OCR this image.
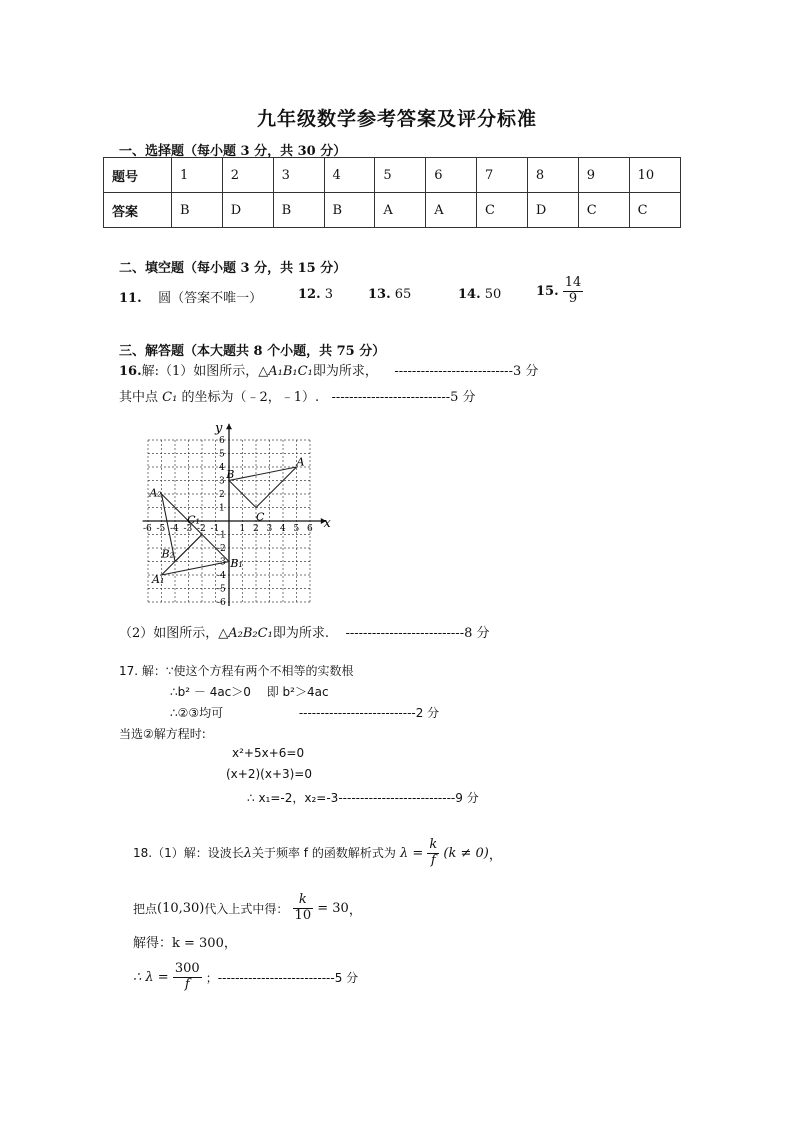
九年级数学参考答案及评分标准
一、选择题（每小题 3 分，共 30 分）
题号	1	2	3	4	5	6	7	8	9	10
答案	B	D	B	B	A	A	C	D	C	C
二、填空题（每小题 3 分，共 15 分）
11. 圆（答案不唯一）	12. 3	13. 65	14. 50	15. $\frac{14}{9}$
三、解答题（本大题共 8 个小题，共 75 分）
16.解:（1）如图所示，△A₁B₁C₁即为所求， ---------------------------3 分
其中点 C₁ 的坐标为（﹣2，﹣1）. ---------------------------5 分
x
y
-6 -5 -4 -3 -2 -1 1 2 3 4 5 6
6
5
4
3
2
1
-1
-2
-3
-4
-5
-6
A
B
C
C₁
A₁
B₁
A₂
B₂
（2）如图所示，△A₂B₂C₁即为所求. ---------------------------8 分
17. 解：∵使这个方程有两个不相等的实数根
∴b² － 4ac＞0　 即 b²＞4ac
∴②③均可	---------------------------2 分
当选②解方程时:
x²+5x+6=0
(x+2)(x+3)=0
∴ x₁=-2，x₂=-3---------------------------9 分
18.（1）解：设波长λ关于频率 f 的函数解析式为 $\lambda = \frac{k}{f} (k \ne 0)$，
把点(10,30)代入上式中得： $\frac{k}{10} = 30$，
解得：k = 300，
∴ $\lambda = \frac{300}{f}$ ；---------------------------5 分
